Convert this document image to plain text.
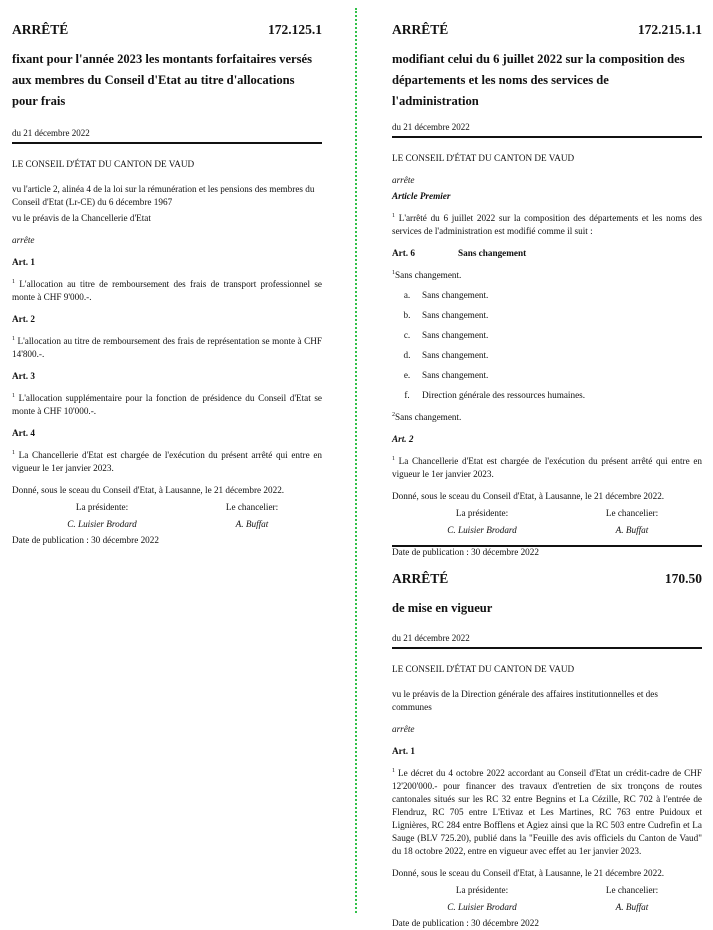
ARRÊTÉ	172.125.1
fixant pour l'année 2023 les montants forfaitaires versés
aux membres du Conseil d'Etat au titre d'allocations
pour frais
du 21 décembre 2022

LE CONSEIL D'ÉTAT DU CANTON DE VAUD

vu l'article 2, alinéa 4 de la loi sur la rémunération et les pensions des membres du
Conseil d'Etat (Lr-CE) du 6 décembre 1967

vu le préavis de la Chancellerie d'Etat

arrête

Art. 1

$^1$ L'allocation au titre de remboursement des frais de transport professionnel se monte à CHF 9'000.-.

Art. 2

$^1$ L'allocation au titre de remboursement des frais de représentation se monte à CHF 14'800.-.

Art. 3

$^1$ L'allocation supplémentaire pour la fonction de présidence du Conseil d'Etat se monte à CHF 10'000.-.

Art. 4

$^1$ La Chancellerie d'Etat est chargée de l'exécution du présent arrêté qui entre en vigueur le 1er janvier 2023.

Donné, sous le sceau du Conseil d'Etat, à Lausanne, le 21 décembre 2022.

La présidente:	Le chancelier:
C. Luisier Brodard	A. Buffat

Date de publication : 30 décembre 2022

ARRÊTÉ	172.215.1.1
modifiant celui du 6 juillet 2022 sur la composition des
départements et les noms des services de
l'administration
du 21 décembre 2022

LE CONSEIL D'ÉTAT DU CANTON DE VAUD

arrête

Article Premier

$^1$ L'arrêté du 6 juillet 2022 sur la composition des départements et les noms des services de l'administration est modifié comme il suit :

Art. 6	Sans changement

$^1$Sans changement.

a.	Sans changement.
b.	Sans changement.
c.	Sans changement.
d.	Sans changement.
e.	Sans changement.
f.	Direction générale des ressources humaines.

$^2$Sans changement.

Art. 2

$^1$ La Chancellerie d'Etat est chargée de l'exécution du présent arrêté qui entre en vigueur le 1er janvier 2023.

Donné, sous le sceau du Conseil d'Etat, à Lausanne, le 21 décembre 2022.

La présidente:	Le chancelier:
C. Luisier Brodard	A. Buffat

Date de publication : 30 décembre 2022

ARRÊTÉ	170.50
de mise en vigueur
du 21 décembre 2022

LE CONSEIL D'ÉTAT DU CANTON DE VAUD

vu le préavis de la Direction générale des affaires institutionnelles et des
communes

arrête

Art. 1

$^1$ Le décret du 4 octobre 2022 accordant au Conseil d'Etat un crédit-cadre de CHF 12'200'000.- pour financer des travaux d'entretien de six tronçons de routes cantonales situés sur les RC 32 entre Begnins et La Cézille, RC 702 à l'entrée de Flendruz, RC 705 entre L'Etivaz et Les Martines, RC 763 entre Puidoux et Lignières, RC 284 entre Bofflens et Agiez ainsi que la RC 503 entre Cudrefin et La Sauge (BLV 725.20), publié dans la "Feuille des avis officiels du Canton de Vaud" du 18 octobre 2022, entre en vigueur avec effet au 1er janvier 2023.

Donné, sous le sceau du Conseil d'Etat, à Lausanne, le 21 décembre 2022.

La présidente:	Le chancelier:
C. Luisier Brodard	A. Buffat

Date de publication : 30 décembre 2022
